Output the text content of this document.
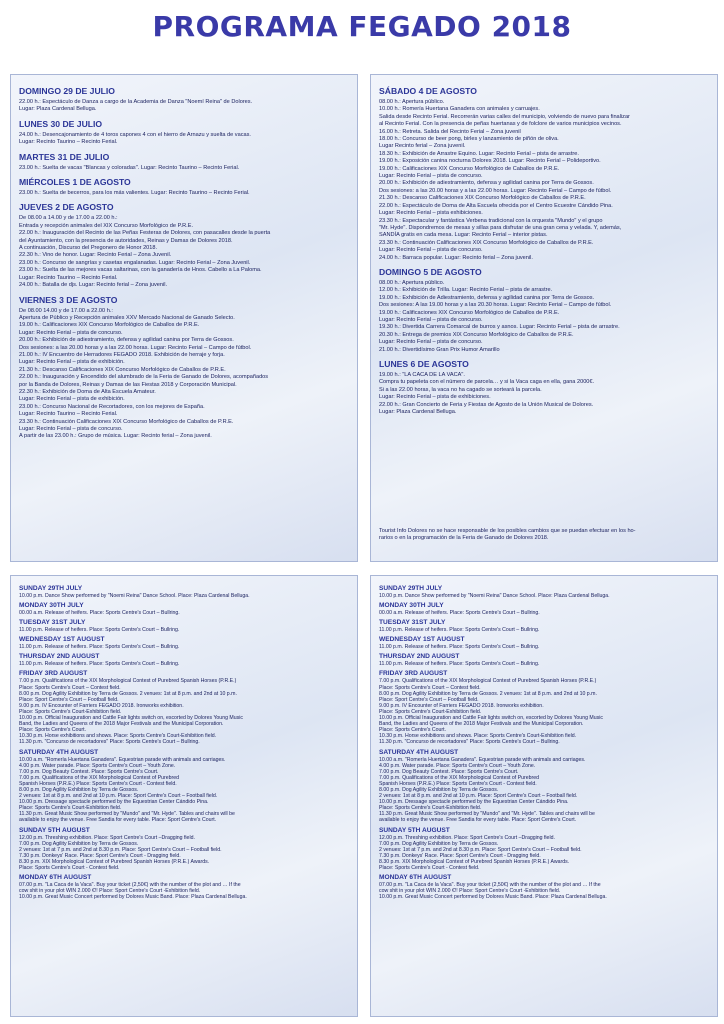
PROGRAMA FEGADO 2018
DOMINGO 29 DE JULIO
22.00 h.: Espectáculo de Danza a cargo de la Academia de Danza "Noemí Reina" de Dolores.
Lugar: Plaza Cardenal Belluga.
LUNES 30 DE JULIO
24.00 h.: Desencajonamiento de 4 toros capones 4 con el hierro de Arnazu y suelta de vacas.
Lugar: Recinto Taurino – Recinto Ferial.
MARTES 31 DE JULIO
23.00 h.: Suelta de vacas "Blancas y coloradas". Lugar: Recinto Taurino – Recinto Ferial.
MIÉRCOLES 1 DE AGOSTO
23.00 h.: Suelta de becerros, para los más valientes. Lugar: Recinto Taurino – Recinto Ferial.
JUEVES 2 DE AGOSTO
De 08.00 a 14.00 y de 17.00 a 22.00 h.:
Entrada y recepción animales del XIX Concurso Morfológico de P.R.E.
22.00 h.: Inauguración del Recinto de las Peñas Festeras de Dolores, con pasacalles desde la puerta
del Ayuntamiento, con la presencia de autoridades, Reinas y Damas de Dolores 2018.
A continuación, Discurso del Pregonero de Honor 2018.
22.30 h.: Vino de honor. Lugar: Recinto Ferial – Zona Juvenil.
23.00 h.: Concurso de sangrías y casetas engalanadas. Lugar: Recinto Ferial – Zona Juvenil.
23.00 h.: Suelta de las mejores vacas saltarinas, con la ganadería de Hnos. Cabello a La Paloma.
Lugar: Recinto Taurino – Recinto Ferial.
24.00 h.: Batalla de djs. Lugar: Recinto ferial – Zona juvenil.
VIERNES 3 DE AGOSTO
De 08.00 14.00 y de 17.00 a 22.00 h.:
Apertura de Público y Recepción animales XXV Mercado Nacional de Ganado Selecto.
19.00 h.: Calificaciones XIX Concurso Morfológico de Caballos de P.R.E.
Lugar: Recinto Ferial – pista de concurso.
20.00 h.: Exhibición de adiestramiento, defensa y agilidad canina por Terra de Gossos.
Dos sesiones: a las 20.00 horas y a las 22.00 horas. Lugar: Recinto Ferial – Campo de fútbol.
21.00 h.: IV Encuentro de Herradores FEGADO 2018. Exhibición de herraje y forja.
Lugar: Recinto Ferial – pista de exhibición.
21.30 h.: Descanso Calificaciones XIX Concurso Morfológico de Caballos de P.R.E.
22.00 h.: Inauguración y Encendido del alumbrado de la Feria de Ganado de Dolores, acompañados
por la Banda de Dolores, Reinas y Damas de las Fiestas 2018 y Corporación Municipal.
22.30 h.: Exhibición de Doma de Alta Escuela Amateur.
Lugar: Recinto Ferial – pista de exhibición.
23.00 h.: Concurso Nacional de Recortadores, con los mejores de España.
Lugar: Recinto Taurino – Recinto Ferial.
23.30 h.: Continuación Calificaciones XIX Concurso Morfológico de Caballos de P.R.E.
Lugar: Recinto Ferial – pista de concurso.
A partir de las 23.00 h.: Grupo de música. Lugar: Recinto ferial – Zona juvenil.
SÁBADO 4 DE AGOSTO
08.00 h.: Apertura público.
10.00 h.: Romería Huertana Ganadera con animales y carruajes.
Salida desde Recinto Ferial. Recorrerán varias calles del municipio, volviendo de nuevo para finalizar
al Recinto Ferial. Con la presencia de peñas huertanas y de folclore de varios municipios vecinos.
16.00 h.: Retreta. Salida del Recinto Ferial – Zona juvenil
18.00 h.: Concurso de beer pong, birles y lanzamiento de piñón de oliva.
Lugar Recinto ferial – Zona juvenil.
18.30 h.: Exhibición de Arrastre Equino. Lugar: Recinto Ferial – pista de arrastre.
19.00 h.: Exposición canina nocturna Dolores 2018. Lugar: Recinto Ferial – Polideportivo.
19.00 h.: Calificaciones XIX Concurso Morfológico de Caballos de P.R.E.
Lugar: Recinto Ferial – pista de concurso.
20.00 h.: Exhibición de adiestramiento, defensa y agilidad canina por Terra de Gossos.
Dos sesiones: a las 20.00 horas y a las 22.00 horas. Lugar: Recinto Ferial – Campo de fútbol.
21.30 h.: Descanso Calificaciones XIX Concurso Morfológico de Caballos de P.R.E.
22.00 h.: Espectáculo de Doma de Alta Escuela ofrecida por el Centro Ecuestre Cándido Pina.
Lugar: Recinto Ferial – pista exhibiciones.
23.30 h.: Espectacular y fantástica Verbena tradicional con la orquesta "Mundo" y el grupo
"Mr. Hyde". Dispondremos de mesas y sillas para disfrutar de una gran cena y velada. Y, además,
SANDÍA gratis en cada mesa. Lugar: Recinto Ferial – interior pistas.
23.30 h.: Continuación Calificaciones XIX Concurso Morfológico de Caballos de P.R.E.
Lugar: Recinto Ferial – pista de concurso.
24.00 h.: Barraca popular. Lugar: Recinto ferial – Zona juvenil.
DOMINGO 5 DE AGOSTO
08.00 h.: Apertura público.
12.00 h.: Exhibición de Trilla. Lugar: Recinto Ferial – pista de arrastre.
19.00 h.: Exhibición de Adiestramiento, defensa y agilidad canina por Terra de Gossos.
Dos sesiones: A las 19.00 horas y a las 20.30 horas. Lugar: Recinto Ferial – Campo de fútbol.
19.00 h.: Calificaciones XIX Concurso Morfológico de Caballos de P.R.E.
Lugar: Recinto Ferial – pista de concurso.
19.30 h.: Divertida Carrera Comarcal de burros y asnos. Lugar: Recinto Ferial – pista de arrastre.
20.30 h.: Entrega de premios XIX Concurso Morfológico de Caballos de P.R.E.
Lugar: Recinto Ferial – pista de concurso.
21.00 h.: Divertidísimo Gran Prix Humor Amarillo
LUNES 6 DE AGOSTO
19.00 h.: "LA CACA DE LA VACA".
Compra tu papeleta con el número de parcela… y si la Vaca caga en ella, gana 2000€.
Si a las 22.00 horas, la vaca no ha cagado se sorteará la parcela.
Lugar: Recinto Ferial – pista de exhibiciones.
22.00 h.: Gran Concierto de Feria y Fiestas de Agosto de la Unión Musical de Dolores.
Lugar: Plaza Cardenal Belluga.
Tourist Info Dolores no se hace responsable de los posibles cambios que se puedan efectuar en los ho-
rarios o en la programación de la Feria de Ganado de Dolores 2018.
SUNDAY 29TH JULY
10.00 p.m. Dance Show performed by "Noemi Reina" Dance School. Place: Plaza Cardenal Belluga.
MONDAY 30TH JULY
00.00 a.m. Release of heifers. Place: Sports Centre's Court – Bullring.
TUESDAY 31ST JULY
11.00 p.m. Release of heifers. Place: Sports Centre's Court – Bullring.
WEDNESDAY 1ST AUGUST
11.00 p.m. Release of heifers. Place: Sports Centre's Court – Bullring.
THURSDAY 2ND AUGUST
11.00 p.m. Release of heifers. Place: Sports Centre's Court – Bullring.
FRIDAY 3RD AUGUST
7.00 p.m. Qualifications of the XIX Morphological Contest of Purebred Spanish Horses (P.R.E.)
Place: Sports Centre's Court – Contest field.
8.00 p.m. Dog Agility Exhibition by Terra de Gossos. 2 venues: 1st at 8 p.m. and 2nd at 10 p.m.
Place: Sport Centre's Court – Football field.
9.00 p.m. IV Encounter of Farriers FEGADO 2018. Ironworks exhibition.
Place: Sports Centre's Court-Exhibition field.
10.00 p.m. Official Inauguration and Cattle Fair lights switch on, escorted by Dolores Young Music
Band, the Ladies and Queens of the 2018 Major Festivals and the Municipal Corporation.
Place: Sports Centre's Court.
10.30 p.m. Horse exhibitions and shows. Place: Sports Centre's Court-Exhibition field.
11.30 p.m. "Concurso de recortadores" Place: Sports Centre's Court – Bullring.
SATURDAY 4TH AUGUST
10.00 a.m. "Romería Huertana Ganadera". Equestrian parade with animals and carriages.
4.00 p.m. Water parade. Place: Sports Centre's Court – Youth Zone.
7.00 p.m. Dog Beauty Contest. Place: Sports Centre's Court.
7.00 p.m. Qualifications of the XIX Morphological Contest of Purebred
Spanish Horses (P.R.E.) Place: Sports Centre's Court - Contest field.
8.00 p.m. Dog Agility Exhibition by Terra de Gossos.
2 venues: 1st at 8 p.m. and 2nd at 10 p.m. Place: Sport Centre's Court – Football field.
10.00 p.m. Dressage spectacle performed by the Equestrian Center Cándido Pina.
Place: Sports Centre's Court-Exhibition field.
11.30 p.m. Great Music Show performed by "Mundo" and "Mr. Hyde". Tables and chairs will be
available to enjoy the venue. Free Sandia for every table. Place: Sport Centre's Court.
SUNDAY 5TH AUGUST
12.00 p.m. Threshing exhibition. Place: Sport Centre's Court –Dragging field.
7.00 p.m. Dog Agility Exhibition by Terra de Gossos.
2 venues: 1st at 7 p.m. and 2nd at 8.30 p.m. Place: Sport Centre's Court – Football field.
7.30 p.m. Donkeys' Race. Place: Sport Centre's Court - Dragging field.
8.30 p.m. XIX Morphological Contest of Purebred Spanish Horses (P.R.E.) Awards.
Place: Sports Centre's Court - Contest field.
MONDAY 6TH AUGUST
07.00 p.m. "La Caca de la Vaca". Buy your ticket (2,50€) with the number of the plot and … If the
cow shit in your plot WIN 2.000 €!! Place: Sport Centre's Court -Exhibition field.
10.00 p.m. Great Music Concert performed by Dolores Music Band. Place: Plaza Cardenal Belluga.
SUNDAY 29TH JULY
10.00 p.m. Dance Show performed by "Noemi Reina" Dance School. Place: Plaza Cardenal Belluga.
MONDAY 30TH JULY
00.00 a.m. Release of heifers. Place: Sports Centre's Court – Bullring.
TUESDAY 31ST JULY
11.00 p.m. Release of heifers. Place: Sports Centre's Court – Bullring.
WEDNESDAY 1ST AUGUST
11.00 p.m. Release of heifers. Place: Sports Centre's Court – Bullring.
THURSDAY 2ND AUGUST
11.00 p.m. Release of heifers. Place: Sports Centre's Court – Bullring.
FRIDAY 3RD AUGUST
7.00 p.m. Qualifications of the XIX Morphological Contest of Purebred Spanish Horses (P.R.E.)
Place: Sports Centre's Court – Contest field.
8.00 p.m. Dog Agility Exhibition by Terra de Gossos. 2 venues: 1st at 8 p.m. and 2nd at 10 p.m.
Place: Sport Centre's Court – Football field.
9.00 p.m. IV Encounter of Farriers FEGADO 2018. Ironworks exhibition.
Place: Sports Centre's Court-Exhibition field.
10.00 p.m. Official Inauguration and Cattle Fair lights switch on, escorted by Dolores Young Music
Band, the Ladies and Queens of the 2018 Major Festivals and the Municipal Corporation.
Place: Sports Centre's Court.
10.30 p.m. Horse exhibitions and shows. Place: Sports Centre's Court-Exhibition field.
11.30 p.m. "Concurso de recortadores" Place: Sports Centre's Court – Bullring.
SATURDAY 4TH AUGUST
10.00 a.m. "Romería Huertana Ganadera". Equestrian parade with animals and carriages.
4.00 p.m. Water parade. Place: Sports Centre's Court – Youth Zone.
7.00 p.m. Dog Beauty Contest. Place: Sports Centre's Court.
7.00 p.m. Qualifications of the XIX Morphological Contest of Purebred
Spanish Horses (P.R.E.) Place: Sports Centre's Court - Contest field.
8.00 p.m. Dog Agility Exhibition by Terra de Gossos.
2 venues: 1st at 8 p.m. and 2nd at 10 p.m. Place: Sport Centre's Court – Football field.
10.00 p.m. Dressage spectacle performed by the Equestrian Center Cándido Pina.
Place: Sports Centre's Court-Exhibition field.
11.30 p.m. Great Music Show performed by "Mundo" and "Mr. Hyde". Tables and chairs will be
available to enjoy the venue. Free Sandia for every table. Place: Sport Centre's Court.
SUNDAY 5TH AUGUST
12.00 p.m. Threshing exhibition. Place: Sport Centre's Court –Dragging field.
7.00 p.m. Dog Agility Exhibition by Terra de Gossos.
2 venues: 1st at 7 p.m. and 2nd at 8.30 p.m. Place: Sport Centre's Court – Football field.
7.30 p.m. Donkeys' Race. Place: Sport Centre's Court - Dragging field.
8.30 p.m. XIX Morphological Contest of Purebred Spanish Horses (P.R.E.) Awards.
Place: Sports Centre's Court - Contest field.
MONDAY 6TH AUGUST
07.00 p.m. "La Caca de la Vaca". Buy your ticket (2,50€) with the number of the plot and … If the
cow shit in your plot WIN 2.000 €!! Place: Sport Centre's Court -Exhibition field.
10.00 p.m. Great Music Concert performed by Dolores Music Band. Place: Plaza Cardenal Belluga.
